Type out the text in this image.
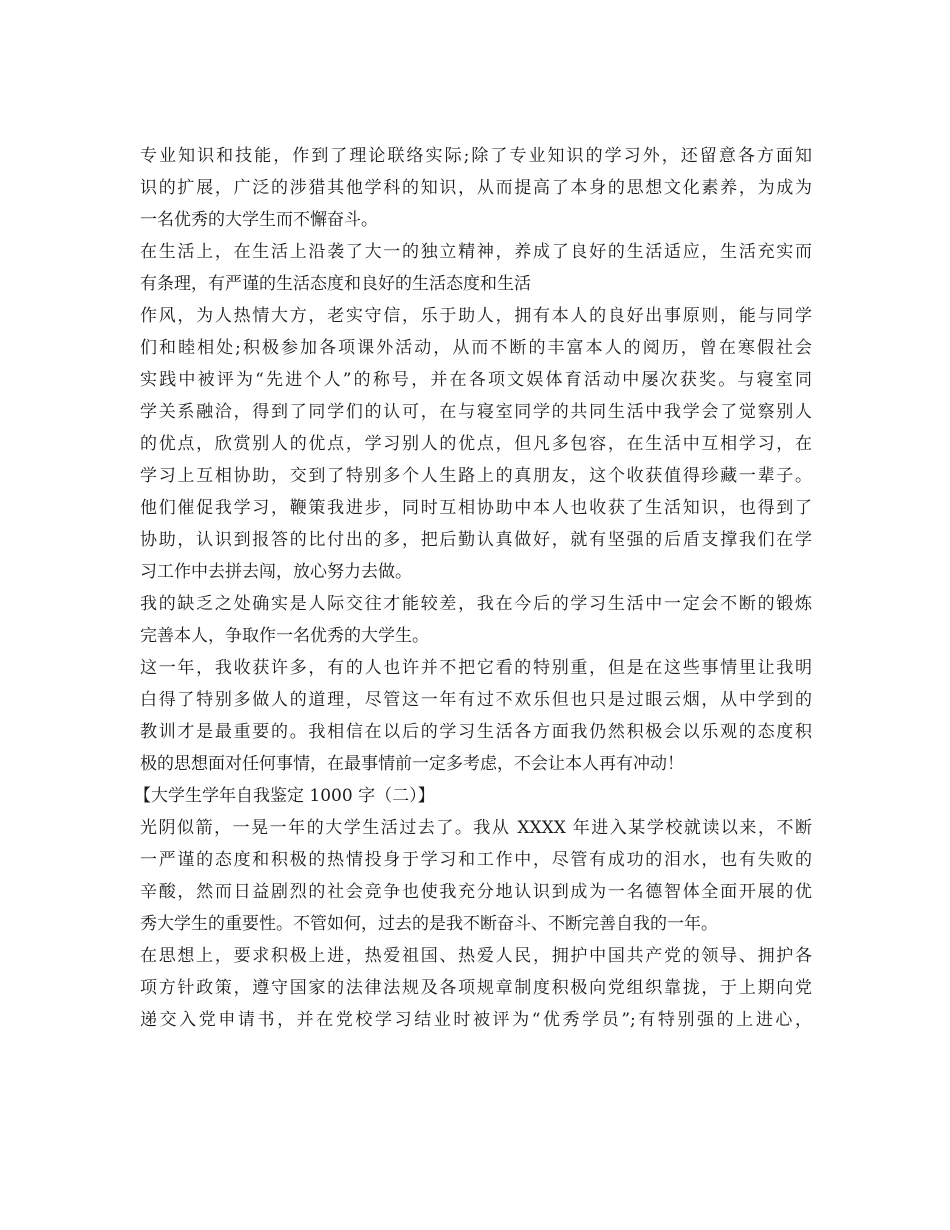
专业知识和技能，作到了理论联络实际;除了专业知识的学习外，还留意各方面知
识的扩展，广泛的涉猎其他学科的知识，从而提高了本身的思想文化素养，为成为
一名优秀的大学生而不懈奋斗。
在生活上，在生活上沿袭了大一的独立精神，养成了良好的生活适应，生活充实而
有条理，有严谨的生活态度和良好的生活态度和生活
作风，为人热情大方，老实守信，乐于助人，拥有本人的良好出事原则，能与同学
们和睦相处;积极参加各项课外活动，从而不断的丰富本人的阅历，曾在寒假社会
实践中被评为“先进个人”的称号，并在各项文娱体育活动中屡次获奖。与寝室同
学关系融洽，得到了同学们的认可，在与寝室同学的共同生活中我学会了觉察别人
的优点，欣赏别人的优点，学习别人的优点，但凡多包容，在生活中互相学习，在
学习上互相协助，交到了特别多个人生路上的真朋友，这个收获值得珍藏一辈子。
他们催促我学习，鞭策我进步，同时互相协助中本人也收获了生活知识，也得到了
协助，认识到报答的比付出的多，把后勤认真做好，就有坚强的后盾支撑我们在学
习工作中去拼去闯，放心努力去做。
我的缺乏之处确实是人际交往才能较差，我在今后的学习生活中一定会不断的锻炼
完善本人，争取作一名优秀的大学生。
这一年，我收获许多，有的人也许并不把它看的特别重，但是在这些事情里让我明
白得了特别多做人的道理，尽管这一年有过不欢乐但也只是过眼云烟，从中学到的
教训才是最重要的。我相信在以后的学习生活各方面我仍然积极会以乐观的态度积
极的思想面对任何事情，在最事情前一定多考虑，不会让本人再有冲动！
【大学生学年自我鉴定 1000 字（二）】
光阴似箭，一晃一年的大学生活过去了。我从 XXXX 年进入某学校就读以来，不断
一严谨的态度和积极的热情投身于学习和工作中，尽管有成功的泪水，也有失败的
辛酸，然而日益剧烈的社会竞争也使我充分地认识到成为一名德智体全面开展的优
秀大学生的重要性。不管如何，过去的是我不断奋斗、不断完善自我的一年。
在思想上，要求积极上进，热爱祖国、热爱人民，拥护中国共产党的领导、拥护各
项方针政策，遵守国家的法律法规及各项规章制度积极向党组织靠拢，于上期向党
递交入党申请书，并在党校学习结业时被评为“优秀学员”;有特别强的上进心，
